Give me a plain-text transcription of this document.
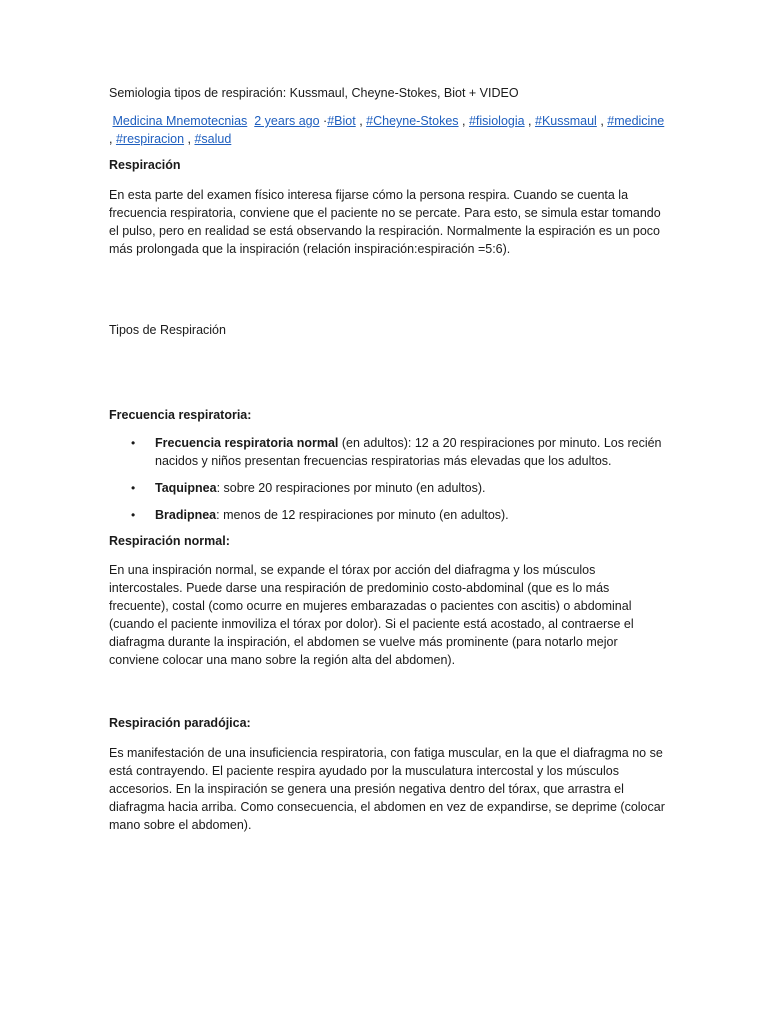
Semiologia tipos de respiración: Kussmaul, Cheyne-Stokes, Biot + VIDEO

Medicina Mnemotecnias 2 years ago ·#Biot , #Cheyne-Stokes , #fisiologia , #Kussmaul , #medicine , #respiracion , #salud

Respiración

En esta parte del examen físico interesa fijarse cómo la persona respira. Cuando se cuenta la frecuencia respiratoria, conviene que el paciente no se percate. Para esto, se simula estar tomando el pulso, pero en realidad se está observando la respiración. Normalmente la espiración es un poco más prolongada que la inspiración (relación inspiración:espiración =5:6).

Tipos de Respiración

Frecuencia respiratoria:

• Frecuencia respiratoria normal (en adultos): 12 a 20 respiraciones por minuto. Los recién nacidos y niños presentan frecuencias respiratorias más elevadas que los adultos.
• Taquipnea: sobre 20 respiraciones por minuto (en adultos).
• Bradipnea: menos de 12 respiraciones por minuto (en adultos).

Respiración normal:

En una inspiración normal, se expande el tórax por acción del diafragma y los músculos intercostales. Puede darse una respiración de predominio costo-abdominal (que es lo más frecuente), costal (como ocurre en mujeres embarazadas o pacientes con ascitis) o abdominal (cuando el paciente inmoviliza el tórax por dolor). Si el paciente está acostado, al contraerse el diafragma durante la inspiración, el abdomen se vuelve más prominente (para notarlo mejor conviene colocar una mano sobre la región alta del abdomen).

Respiración paradójica:

Es manifestación de una insuficiencia respiratoria, con fatiga muscular, en la que el diafragma no se está contrayendo. El paciente respira ayudado por la musculatura intercostal y los músculos accesorios. En la inspiración se genera una presión negativa dentro del tórax, que arrastra el diafragma hacia arriba. Como consecuencia, el abdomen en vez de expandirse, se deprime (colocar mano sobre el abdomen).
